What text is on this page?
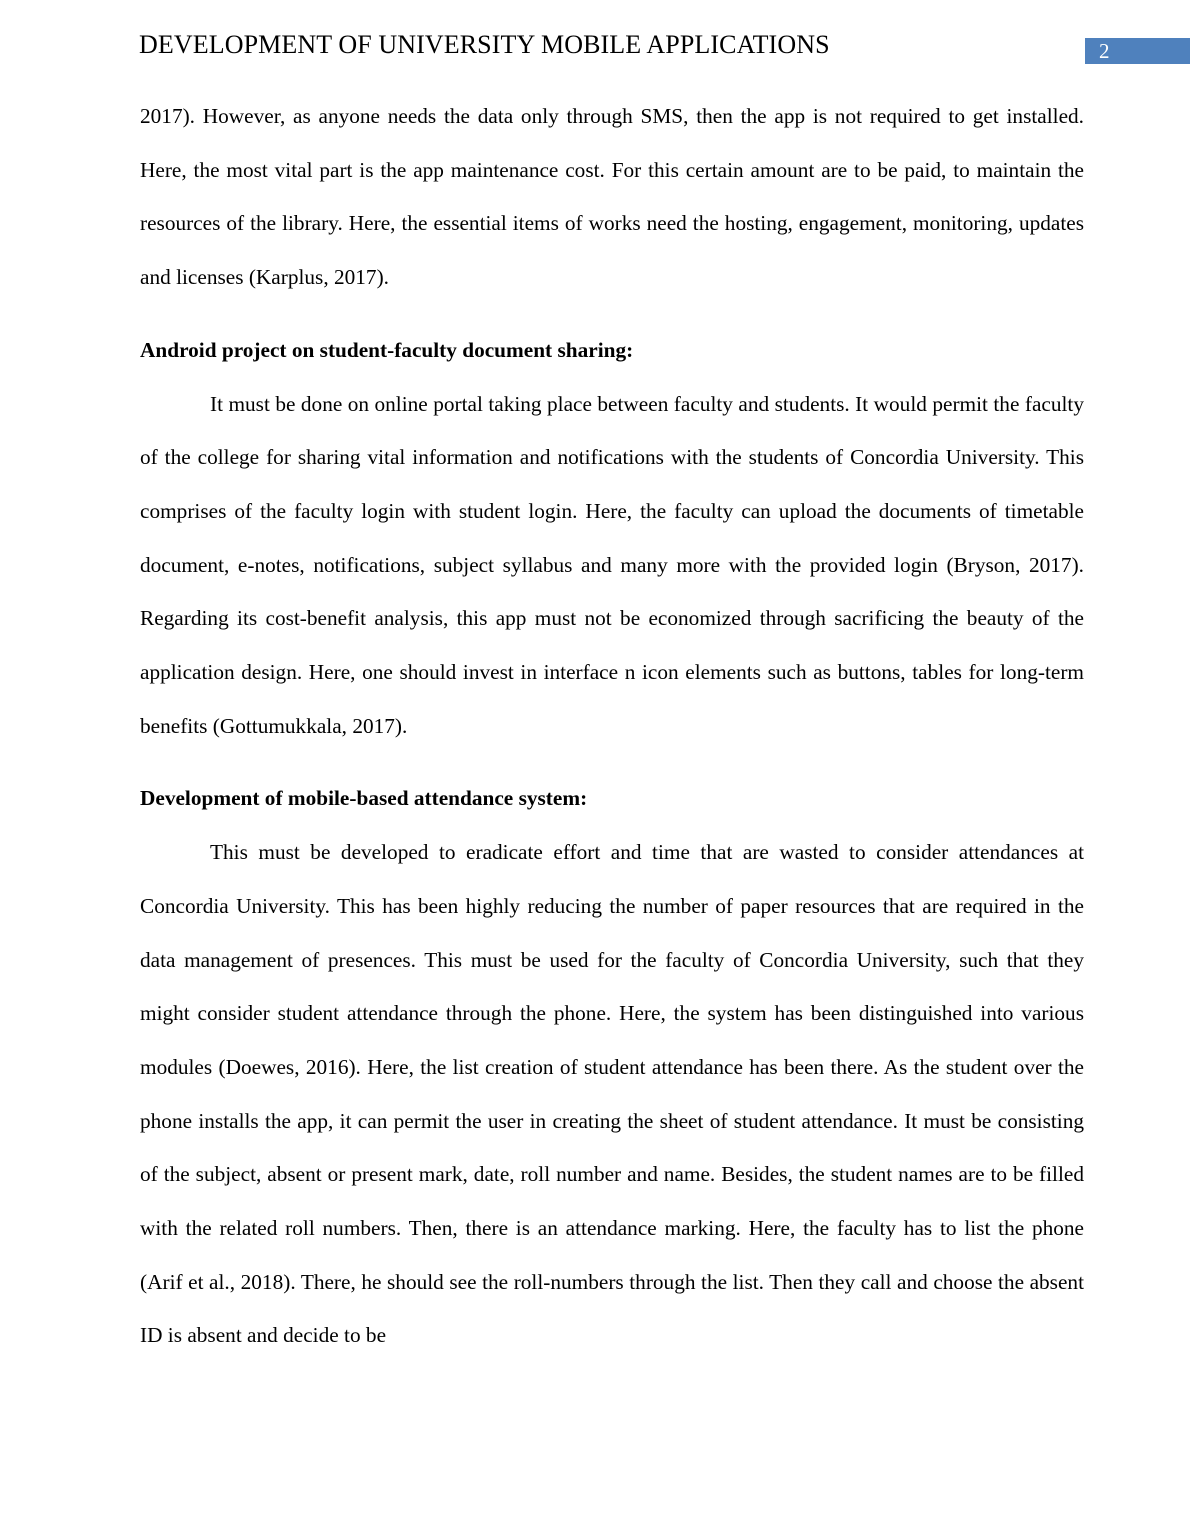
DEVELOPMENT OF UNIVERSITY MOBILE APPLICATIONS	2

2017). However, as anyone needs the data only through SMS, then the app is not required to get installed. Here, the most vital part is the app maintenance cost. For this certain amount are to be paid, to maintain the resources of the library. Here, the essential items of works need the hosting, engagement, monitoring, updates and licenses (Karplus, 2017).

Android project on student-faculty document sharing:

It must be done on online portal taking place between faculty and students. It would permit the faculty of the college for sharing vital information and notifications with the students of Concordia University. This comprises of the faculty login with student login. Here, the faculty can upload the documents of timetable document, e-notes, notifications, subject syllabus and many more with the provided login (Bryson, 2017). Regarding its cost-benefit analysis, this app must not be economized through sacrificing the beauty of the application design. Here, one should invest in interface n icon elements such as buttons, tables for long-term benefits (Gottumukkala, 2017).

Development of mobile-based attendance system:

This must be developed to eradicate effort and time that are wasted to consider attendances at Concordia University. This has been highly reducing the number of paper resources that are required in the data management of presences. This must be used for the faculty of Concordia University, such that they might consider student attendance through the phone. Here, the system has been distinguished into various modules (Doewes, 2016). Here, the list creation of student attendance has been there. As the student over the phone installs the app, it can permit the user in creating the sheet of student attendance. It must be consisting of the subject, absent or present mark, date, roll number and name. Besides, the student names are to be filled with the related roll numbers. Then, there is an attendance marking. Here, the faculty has to list the phone (Arif et al., 2018). There, he should see the roll-numbers through the list. Then they call and choose the absent ID is absent and decide to be
